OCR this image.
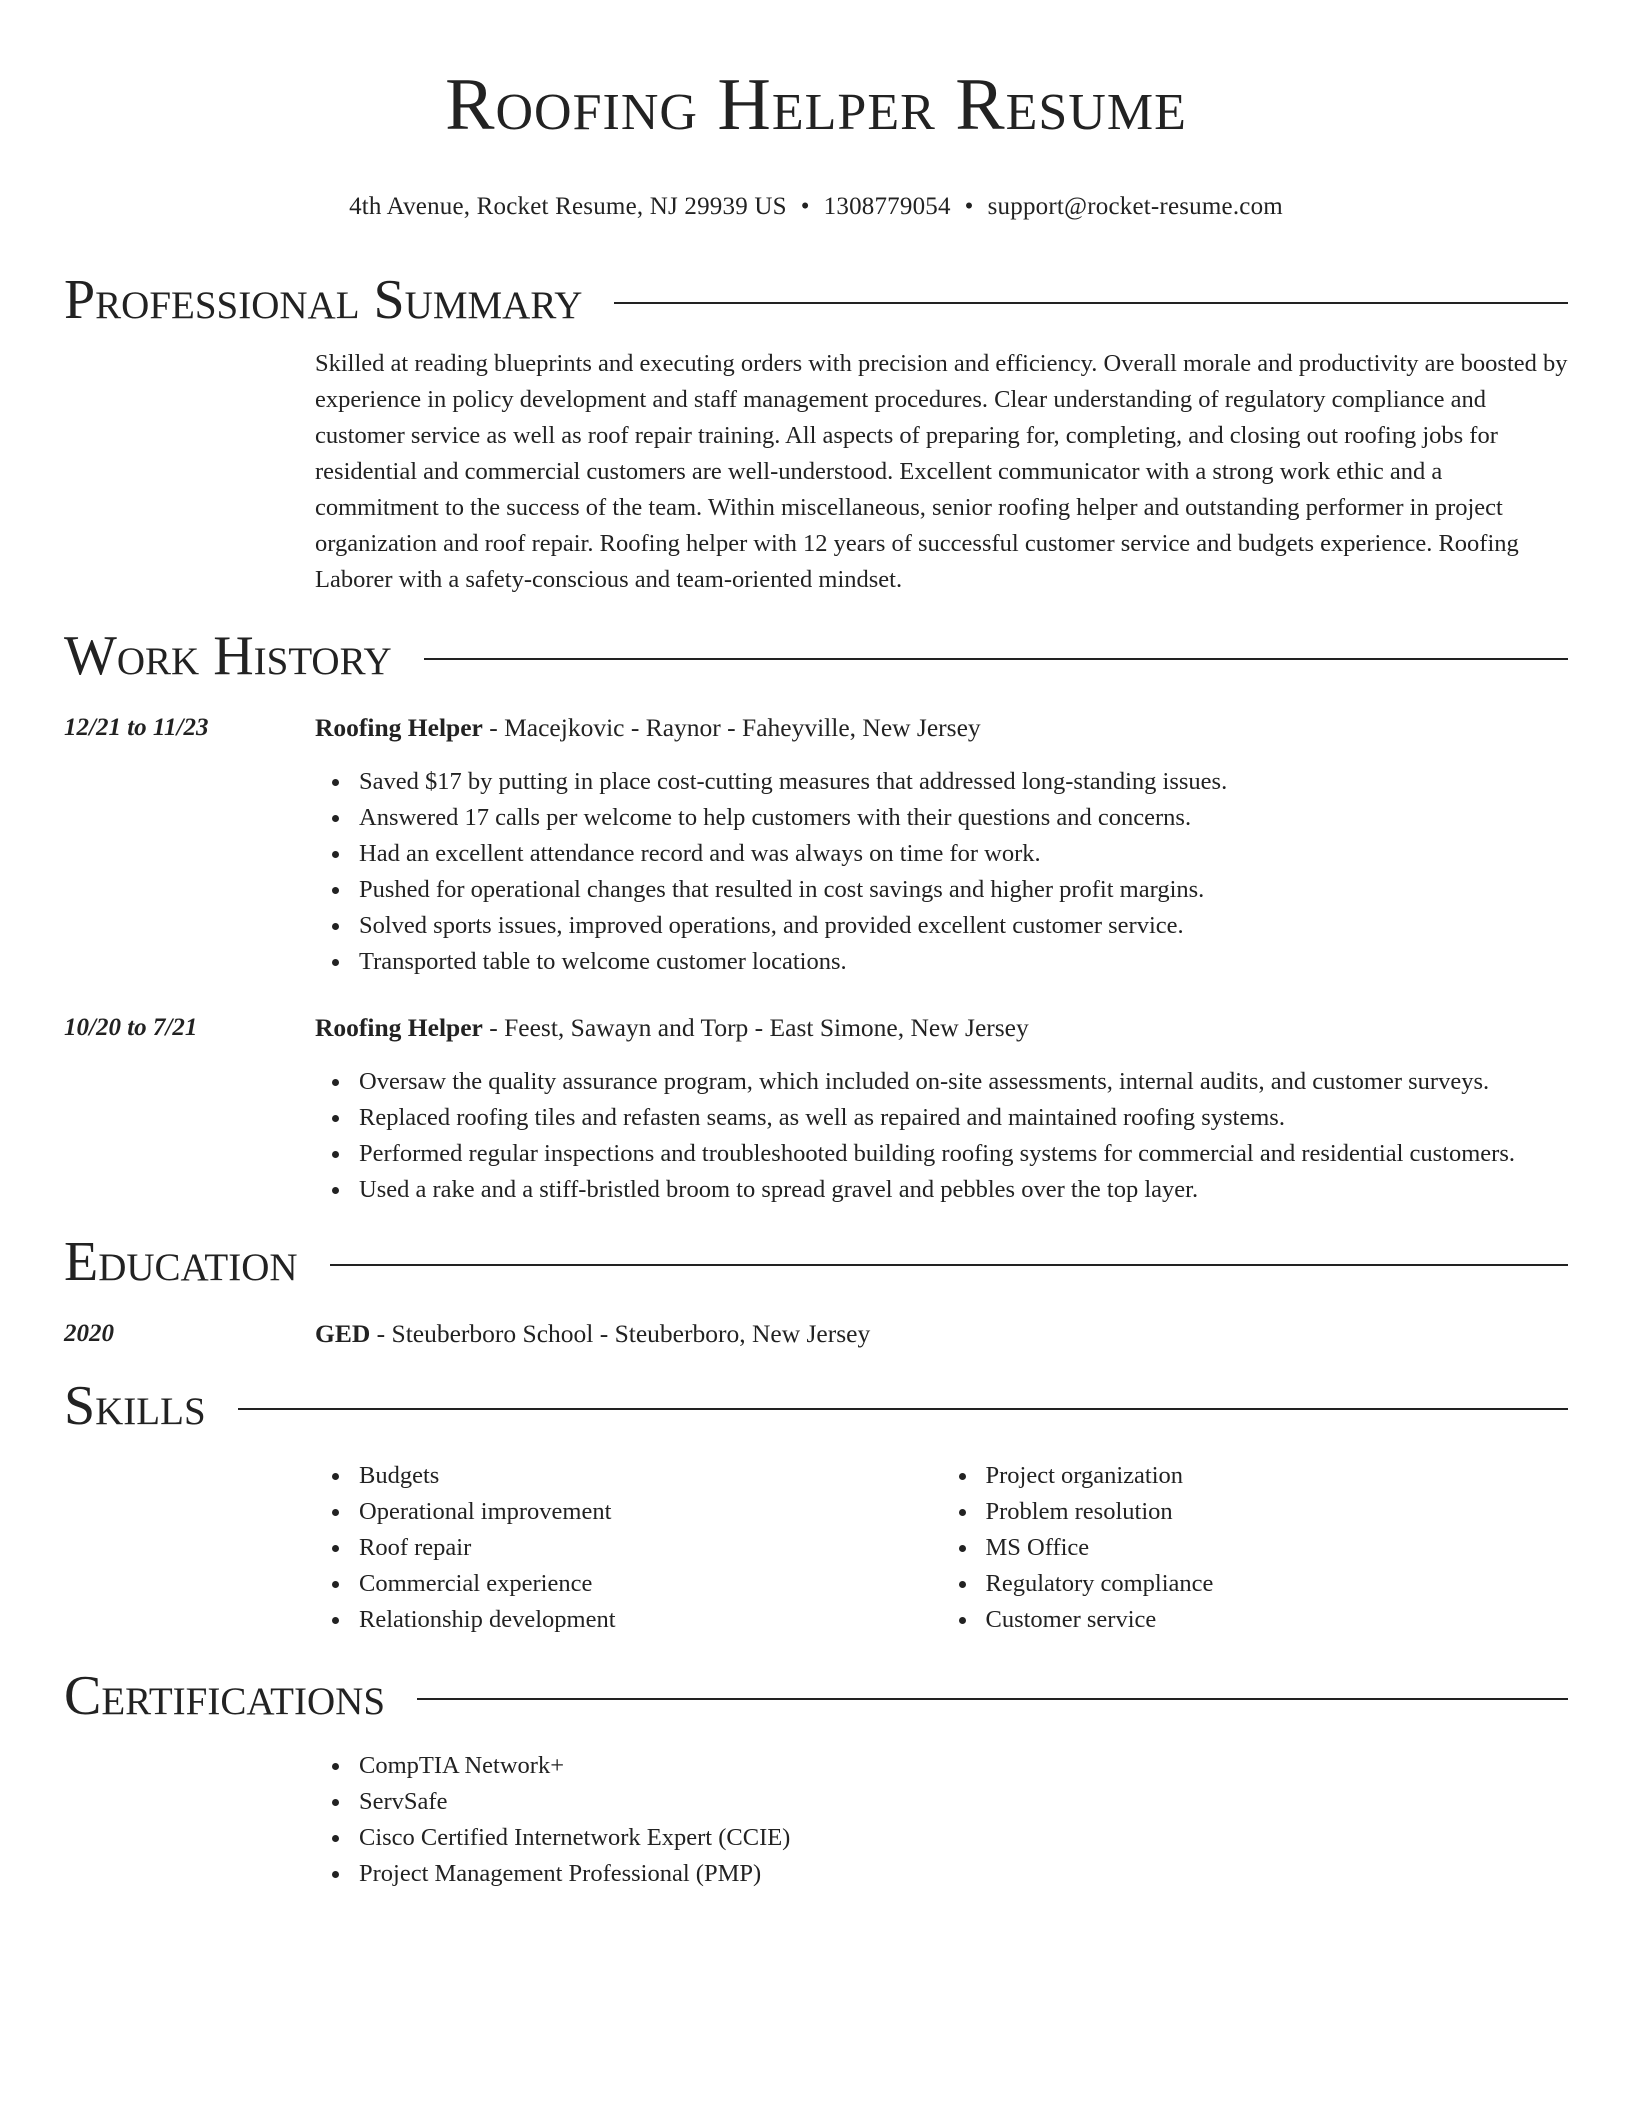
Roofing Helper Resume
4th Avenue, Rocket Resume, NJ 29939 US • 1308779054 • support@rocket-resume.com
Professional Summary

Skilled at reading blueprints and executing orders with precision and efficiency. Overall morale and productivity are boosted by experience in policy development and staff management procedures. Clear understanding of regulatory compliance and customer service as well as roof repair training. All aspects of preparing for, completing, and closing out roofing jobs for residential and commercial customers are well-understood. Excellent communicator with a strong work ethic and a commitment to the success of the team. Within miscellaneous, senior roofing helper and outstanding performer in project organization and roof repair. Roofing helper with 12 years of successful customer service and budgets experience. Roofing Laborer with a safety-conscious and team-oriented mindset.

Work History
12/21 to 11/23	Roofing Helper - Macejkovic - Raynor - Faheyville, New Jersey
Saved $17 by putting in place cost-cutting measures that addressed long-standing issues.
Answered 17 calls per welcome to help customers with their questions and concerns.
Had an excellent attendance record and was always on time for work.
Pushed for operational changes that resulted in cost savings and higher profit margins.
Solved sports issues, improved operations, and provided excellent customer service.
Transported table to welcome customer locations.
10/20 to 7/21	Roofing Helper - Feest, Sawayn and Torp - East Simone, New Jersey
Oversaw the quality assurance program, which included on-site assessments, internal audits, and customer surveys.
Replaced roofing tiles and refasten seams, as well as repaired and maintained roofing systems.
Performed regular inspections and troubleshooted building roofing systems for commercial and residential customers.
Used a rake and a stiff-bristled broom to spread gravel and pebbles over the top layer.
Education
2020	GED - Steuberboro School - Steuberboro, New Jersey
Skills
Budgets
Operational improvement
Roof repair
Commercial experience
Relationship development
Project organization
Problem resolution
MS Office
Regulatory compliance
Customer service
Certifications
CompTIA Network+
ServSafe
Cisco Certified Internetwork Expert (CCIE)
Project Management Professional (PMP)
